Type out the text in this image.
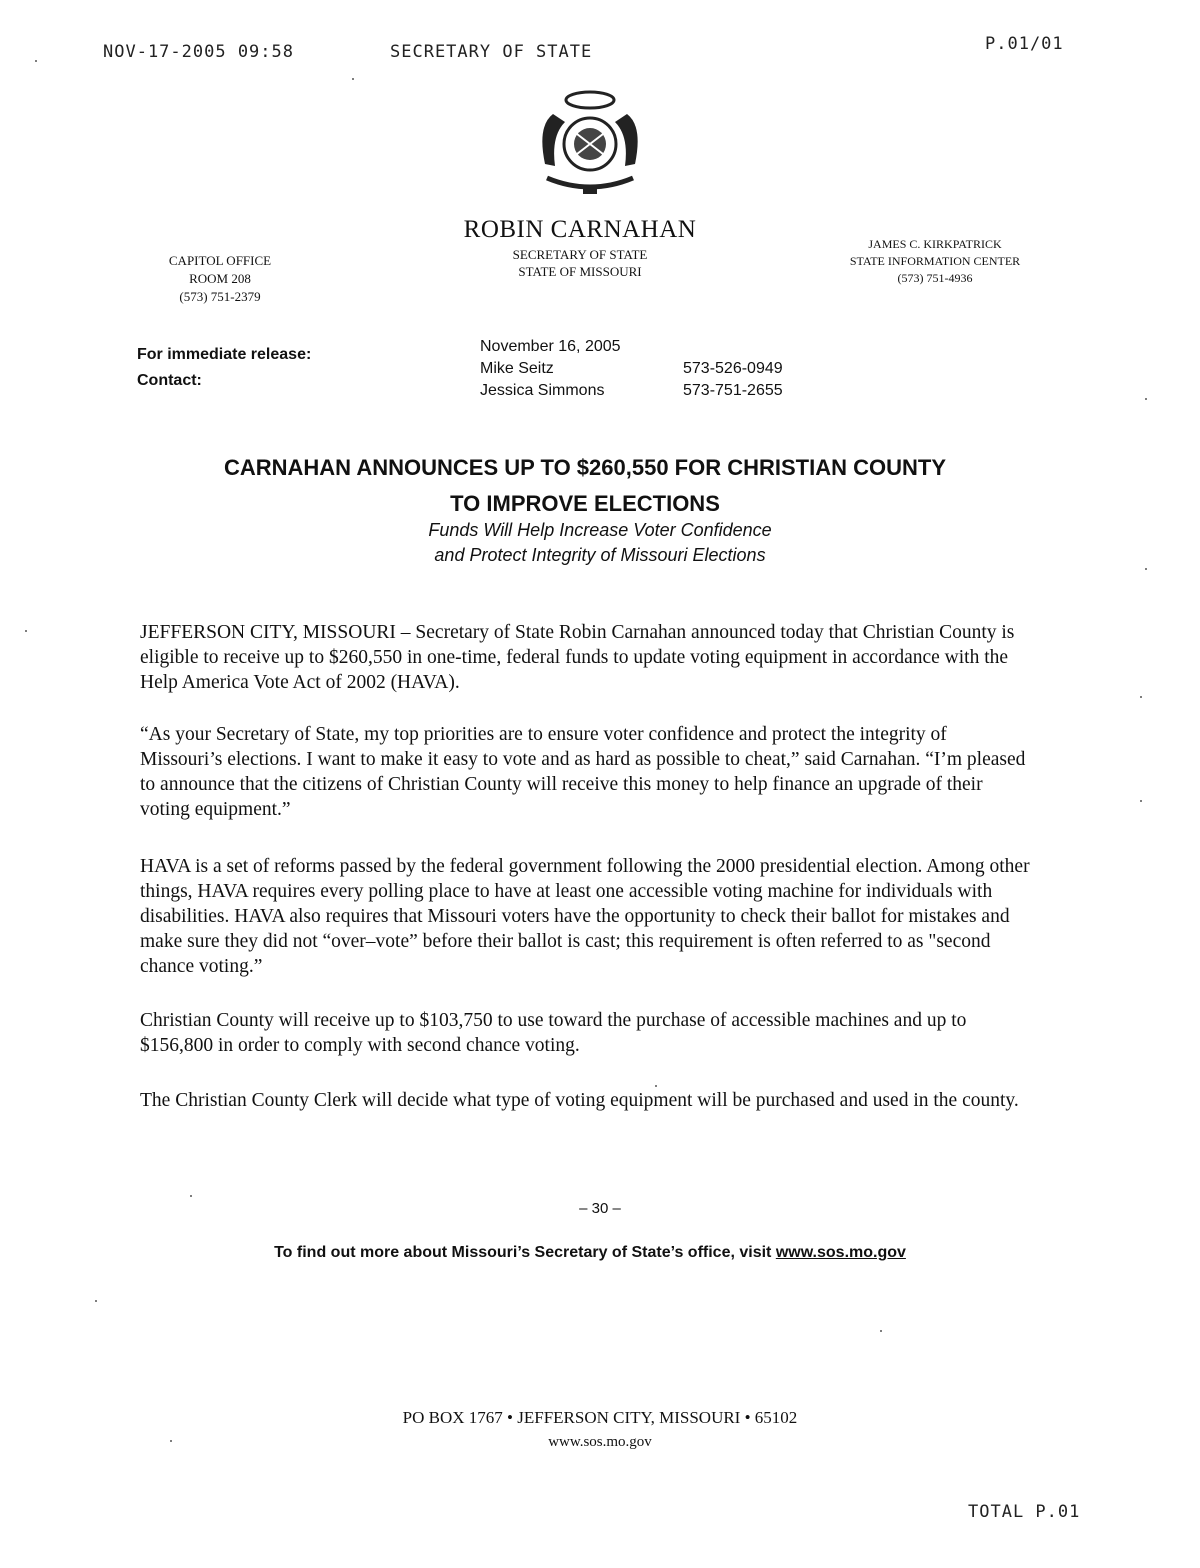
NOV-17-2005 09:58	SECRETARY OF STATE	P.01/01
CAPITOL OFFICE
ROOM 208
(573) 751-2379
ROBIN CARNAHAN
SECRETARY OF STATE
STATE OF MISSOURI
JAMES C. KIRKPATRICK
STATE INFORMATION CENTER
(573) 751-4936
For immediate release:
Contact:
November 16, 2005
Mike Seitz
Jessica Simmons
573-526-0949
573-751-2655
CARNAHAN ANNOUNCES UP TO $260,550 FOR CHRISTIAN COUNTY
TO IMPROVE ELECTIONS
Funds Will Help Increase Voter Confidence
and Protect Integrity of Missouri Elections
JEFFERSON CITY, MISSOURI – Secretary of State Robin Carnahan announced today that Christian County is eligible to receive up to $260,550 in one-time, federal funds to update voting equipment in accordance with the Help America Vote Act of 2002 (HAVA).
“As your Secretary of State, my top priorities are to ensure voter confidence and protect the integrity of Missouri’s elections. I want to make it easy to vote and as hard as possible to cheat,” said Carnahan. “I’m pleased to announce that the citizens of Christian County will receive this money to help finance an upgrade of their voting equipment.”
HAVA is a set of reforms passed by the federal government following the 2000 presidential election. Among other things, HAVA requires every polling place to have at least one accessible voting machine for individuals with disabilities. HAVA also requires that Missouri voters have the opportunity to check their ballot for mistakes and make sure they did not “over–vote” before their ballot is cast; this requirement is often referred to as "second chance voting.”
Christian County will receive up to $103,750 to use toward the purchase of accessible machines and up to $156,800 in order to comply with second chance voting.
The Christian County Clerk will decide what type of voting equipment will be purchased and used in the county.
– 30 –
To find out more about Missouri’s Secretary of State’s office, visit www.sos.mo.gov
PO BOX 1767 • JEFFERSON CITY, MISSOURI • 65102
www.sos.mo.gov
TOTAL P.01
